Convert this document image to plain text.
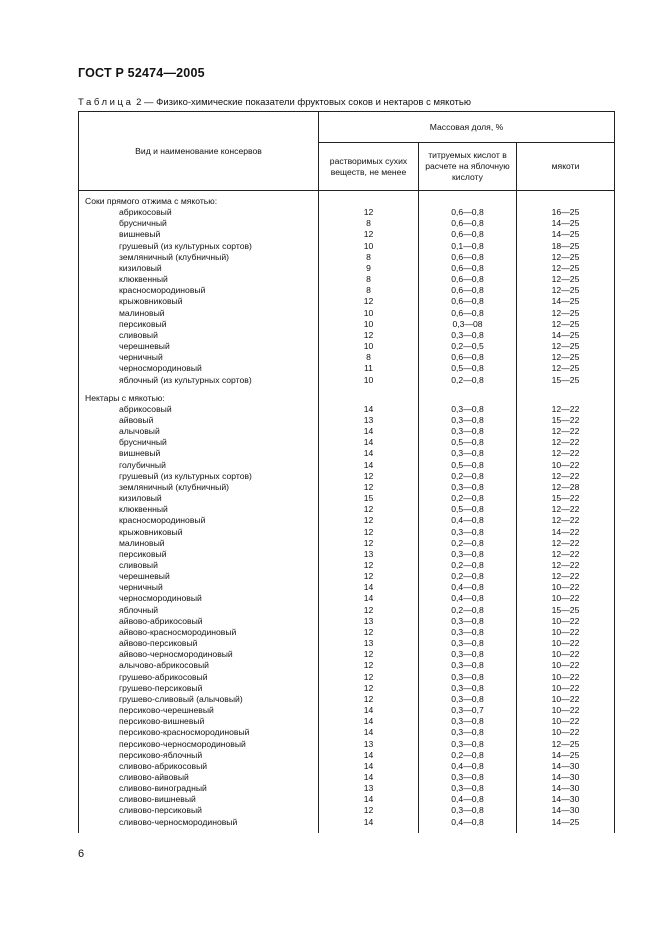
ГОСТ Р 52474—2005
Таблица 2 — Физико-химические показатели фруктовых соков и нектаров с мякотью
Вид и наименование консервов	Массовая доля, %		
	растворимых сухих веществ, не менее	титруемых кислот в расчете на яблочную кислоту	мякоти

Соки прямого отжима с мякотью:			
абрикосовый	12	0,6—0,8	16—25
брусничный	8	0,6—0,8	14—25
вишневый	12	0,6—0,8	14—25
грушевый (из культурных сортов)	10	0,1—0,8	18—25
земляничный (клубничный)	8	0,6—0,8	12—25
кизиловый	9	0,6—0,8	12—25
клюквенный	8	0,6—0,8	12—25
красносмородиновый	8	0,6—0,8	12—25
крыжовниковый	12	0,6—0,8	14—25
малиновый	10	0,6—0,8	12—25
персиковый	10	0,3—08	12—25
сливовый	12	0,3—0,8	14—25
черешневый	10	0,2—0,5	12—25
черничный	8	0,6—0,8	12—25
черносмородиновый	11	0,5—0,8	12—25
яблочный (из культурных сортов)	10	0,2—0,8	15—25

Нектары с мякотью:			
абрикосовый	14	0,3—0,8	12—22
айвовый	13	0,3—0,8	15—22
алычовый	14	0,3—0,8	12—22
брусничный	14	0,5—0,8	12—22
вишневый	14	0,3—0,8	12—22
голубичный	14	0,5—0,8	10—22
грушевый (из культурных сортов)	12	0,2—0,8	12—22
земляничный (клубничный)	12	0,3—0,8	12—28
кизиловый	15	0,2—0,8	15—22
клюквенный	12	0,5—0,8	12—22
красносмородиновый	12	0,4—0,8	12—22
крыжовниковый	12	0,3—0,8	14—22
малиновый	12	0,2—0,8	12—22
персиковый	13	0,3—0,8	12—22
сливовый	12	0,2—0,8	12—22
черешневый	12	0,2—0,8	12—22
черничный	14	0,4—0,8	10—22
черносмородиновый	14	0,4—0,8	10—22
яблочный	12	0,2—0,8	15—25
айвово-абрикосовый	13	0,3—0,8	10—22
айвово-красносмородиновый	12	0,3—0,8	10—22
айвово-персиковый	13	0,3—0,8	10—22
айвово-черносмородиновый	12	0,3—0,8	10—22
алычово-абрикосовый	12	0,3—0,8	10—22
грушево-абрикосовый	12	0,3—0,8	10—22
грушево-персиковый	12	0,3—0,8	10—22
грушево-сливовый (алычовый)	12	0,3—0,8	10—22
персиково-черешневый	14	0,3—0,7	10—22
персиково-вишневый	14	0,3—0,8	10—22
персиково-красносмородиновый	14	0,3—0,8	10—22
персиково-черносмородиновый	13	0,3—0,8	12—25
персиково-яблочный	14	0,2—0,8	14—25
сливово-абрикосовый	14	0,4—0,8	14—30
сливово-айвовый	14	0,3—0,8	14—30
сливово-виноградный	13	0,3—0,8	14—30
сливово-вишневый	14	0,4—0,8	14—30
сливово-персиковый	12	0,3—0,8	14—30
сливово-черносмородиновый	14	0,4—0,8	14—25

6
